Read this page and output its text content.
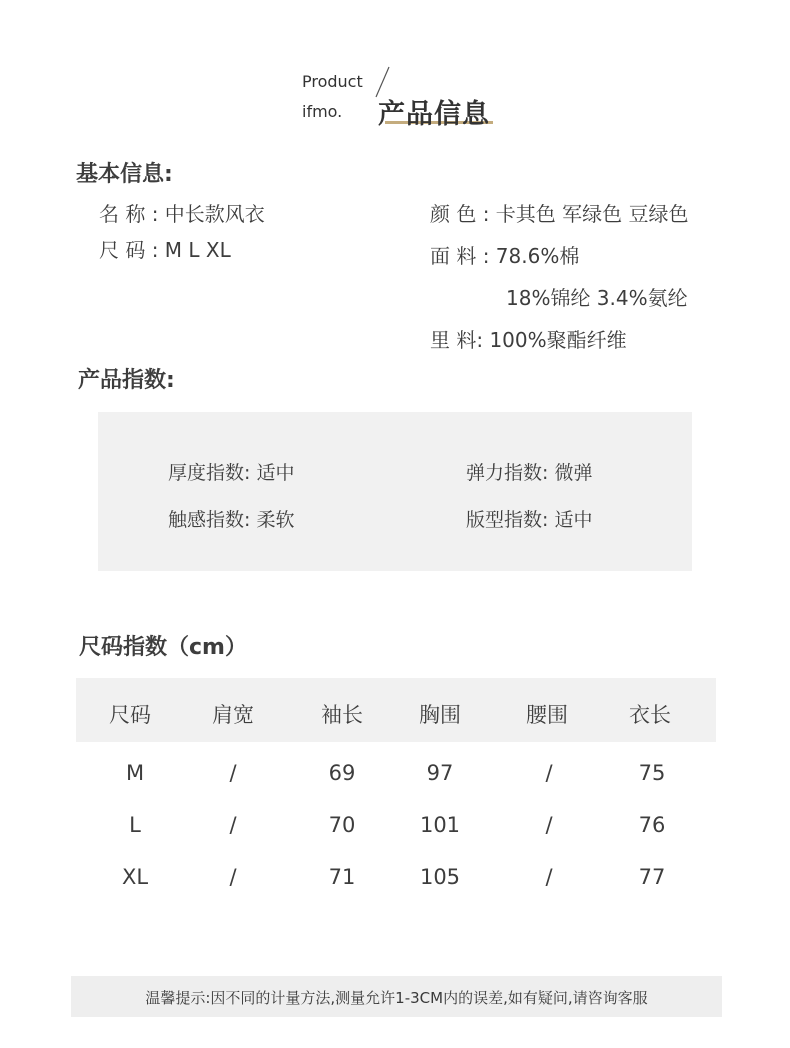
Product
ifmo. 产品信息
基本信息:
名 称 : 中长款风衣
尺 码 : M L XL
颜 色 : 卡其色 军绿色 豆绿色
面 料 : 78.6%棉
18%锦纶 3.4%氨纶
里 料: 100%聚酯纤维
产品指数:
厚度指数: 适中	弹力指数: 微弹
触感指数: 柔软	版型指数: 适中
尺码指数（cm）
尺码	肩宽	袖长	胸围	腰围	衣长
M	/	69	97	/	75
L	/	70	101	/	76
XL	/	71	105	/	77
温馨提示:因不同的计量方法,测量允许1-3CM内的误差,如有疑问,请咨询客服
